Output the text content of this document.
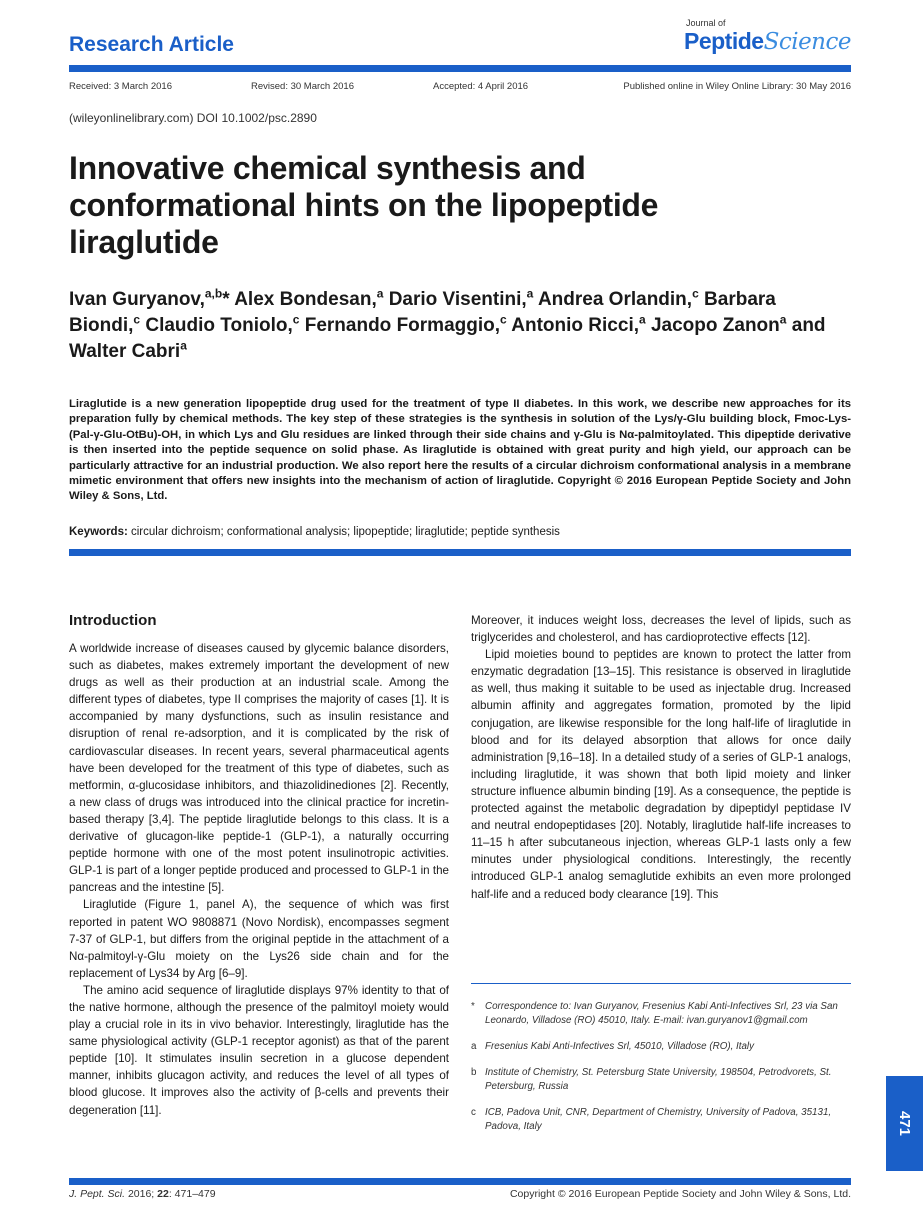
Research Article
Journal of
PeptideScience
Received: 3 March 2016	Revised: 30 March 2016	Accepted: 4 April 2016	Published online in Wiley Online Library: 30 May 2016
(wileyonlinelibrary.com) DOI 10.1002/psc.2890
Innovative chemical synthesis and conformational hints on the lipopeptide liraglutide
Ivan Guryanov,$^{a,b}$* Alex Bondesan,$^a$ Dario Visentini,$^a$ Andrea Orlandin,$^c$ Barbara Biondi,$^c$ Claudio Toniolo,$^c$ Fernando Formaggio,$^c$ Antonio Ricci,$^a$ Jacopo Zanon$^a$ and Walter Cabri$^a$

Liraglutide is a new generation lipopeptide drug used for the treatment of type II diabetes. In this work, we describe new approaches for its preparation fully by chemical methods. The key step of these strategies is the synthesis in solution of the Lys/γ-Glu building block, Fmoc-Lys-(Pal-γ-Glu-OtBu)-OH, in which Lys and Glu residues are linked through their side chains and γ-Glu is Nα-palmitoylated. This dipeptide derivative is then inserted into the peptide sequence on solid phase. As liraglutide is obtained with great purity and high yield, our approach can be particularly attractive for an industrial production. We also report here the results of a circular dichroism conformational analysis in a membrane mimetic environment that offers new insights into the mechanism of action of liraglutide. Copyright © 2016 European Peptide Society and John Wiley & Sons, Ltd.

Keywords: circular dichroism; conformational analysis; lipopeptide; liraglutide; peptide synthesis
Introduction

A worldwide increase of diseases caused by glycemic balance disorders, such as diabetes, makes extremely important the development of new drugs as well as their production at an industrial scale. Among the different types of diabetes, type II comprises the majority of cases [1]. It is accompanied by many dysfunctions, such as insulin resistance and disruption of renal re-adsorption, and it is complicated by the risk of cardiovascular diseases. In recent years, several pharmaceutical agents have been developed for the treatment of this type of diabetes, such as metformin, α-glucosidase inhibitors, and thiazolidinediones [2]. Recently, a new class of drugs was introduced into the clinical practice for incretin-based therapy [3,4]. The peptide liraglutide belongs to this class. It is a derivative of glucagon-like peptide-1 (GLP-1), a naturally occurring peptide hormone with one of the most potent insulinotropic activities. GLP-1 is part of a longer peptide produced and processed to GLP-1 in the pancreas and the intestine [5].

Liraglutide (Figure 1, panel A), the sequence of which was first reported in patent WO 9808871 (Novo Nordisk), encompasses segment 7-37 of GLP-1, but differs from the original peptide in the attachment of a Nα-palmitoyl-γ-Glu moiety on the Lys26 side chain and for the replacement of Lys34 by Arg [6–9].

The amino acid sequence of liraglutide displays 97% identity to that of the native hormone, although the presence of the palmitoyl moiety would play a crucial role in its in vivo behavior. Interestingly, liraglutide has the same physiological activity (GLP-1 receptor agonist) as that of the parent peptide [10]. It stimulates insulin secretion in a glucose dependent manner, inhibits glucagon activity, and reduces the level of all types of blood glucose. It improves also the activity of β-cells and prevents their degeneration [11].

Moreover, it induces weight loss, decreases the level of lipids, such as triglycerides and cholesterol, and has cardioprotective effects [12].

Lipid moieties bound to peptides are known to protect the latter from enzymatic degradation [13–15]. This resistance is observed in liraglutide as well, thus making it suitable to be used as injectable drug. Increased albumin affinity and aggregates formation, promoted by the lipid conjugation, are likewise responsible for the long half-life of liraglutide in blood and for its delayed absorption that allows for once daily administration [9,16–18]. In a detailed study of a series of GLP-1 analogs, including liraglutide, it was shown that both lipid moiety and linker structure influence albumin binding [19]. As a consequence, the peptide is protected against the metabolic degradation by dipeptidyl peptidase IV and neutral endopeptidases [20]. Notably, liraglutide half-life increases to 11–15 h after subcutaneous injection, whereas GLP-1 lasts only a few minutes under physiological conditions. Interestingly, the recently introduced GLP-1 analog semaglutide exhibits an even more prolonged half-life and a reduced body clearance [19]. This

* Correspondence to: Ivan Guryanov, Fresenius Kabi Anti-Infectives Srl, 23 via San Leonardo, Villadose (RO) 45010, Italy. E-mail: ivan.guryanov1@gmail.com
a Fresenius Kabi Anti-Infectives Srl, 45010, Villadose (RO), Italy
b Institute of Chemistry, St. Petersburg State University, 198504, Petrodvorets, St. Petersburg, Russia
c ICB, Padova Unit, CNR, Department of Chemistry, University of Padova, 35131, Padova, Italy	471
J. Pept. Sci. 2016; 22: 471–479	Copyright © 2016 European Peptide Society and John Wiley & Sons, Ltd.
